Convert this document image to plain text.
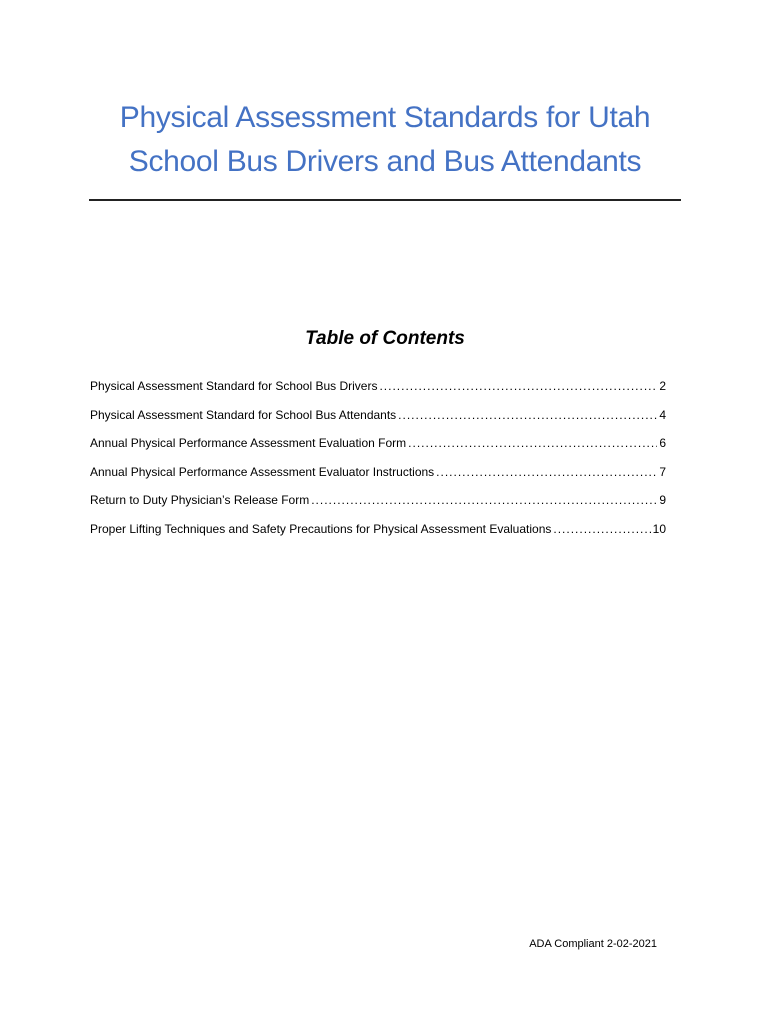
Physical Assessment Standards for Utah
School Bus Drivers and Bus Attendants
Table of Contents
Physical Assessment Standard for School Bus Drivers .....	2
Physical Assessment Standard for School Bus Attendants .....	4
Annual Physical Performance Assessment Evaluation Form .....	6
Annual Physical Performance Assessment Evaluator Instructions .....	7
Return to Duty Physician’s Release Form .....	9
Proper Lifting Techniques and Safety Precautions for Physical Assessment Evaluations .....	10
ADA Compliant 2-02-2021
